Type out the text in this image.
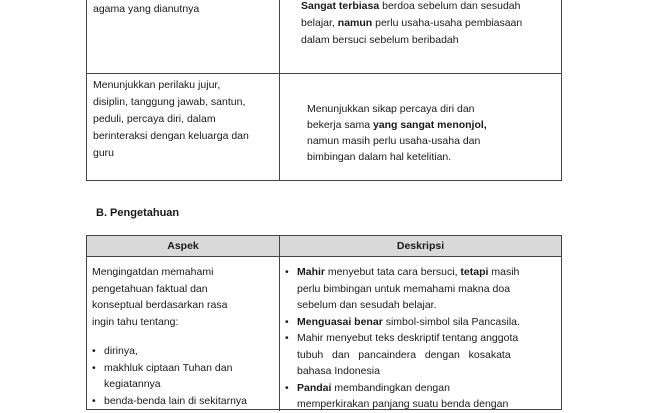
agama yang dianutnya	Sangat terbiasa berdoa sebelum dan sesudah
belajar, namun perlu usaha-usaha pembiasaan
dalam bersuci sebelum beribadah
Menunjukkan perilaku jujur,
disiplin, tanggung jawab, santun,
peduli, percaya diri, dalam
berinteraksi dengan keluarga dan
guru
Menunjukkan sikap percaya diri dan
bekerja sama yang sangat menonjol,
namun masih perlu usaha-usaha dan
bimbingan dalam hal ketelitian.
B. Pengetahuan
Aspek	Deskripsi
Mengingatdan memahami
pengetahuan faktual dan
konseptual berdasarkan rasa
ingin tahu tentang:
• dirinya,
• makhluk ciptaan Tuhan dan
kegiatannya
• benda-benda lain di sekitarnya
• Mahir menyebut tata cara bersuci, tetapi masih
perlu bimbingan untuk memahami makna doa
sebelum dan sesudah belajar.
• Menguasai benar simbol-simbol sila Pancasila.
• Mahir menyebut teks deskriptif tentang anggota
tubuh   dan   pancaindera   dengan   kosakata
bahasa Indonesia
• Pandai membandingkan dengan
memperkirakan panjang suatu benda dengan
